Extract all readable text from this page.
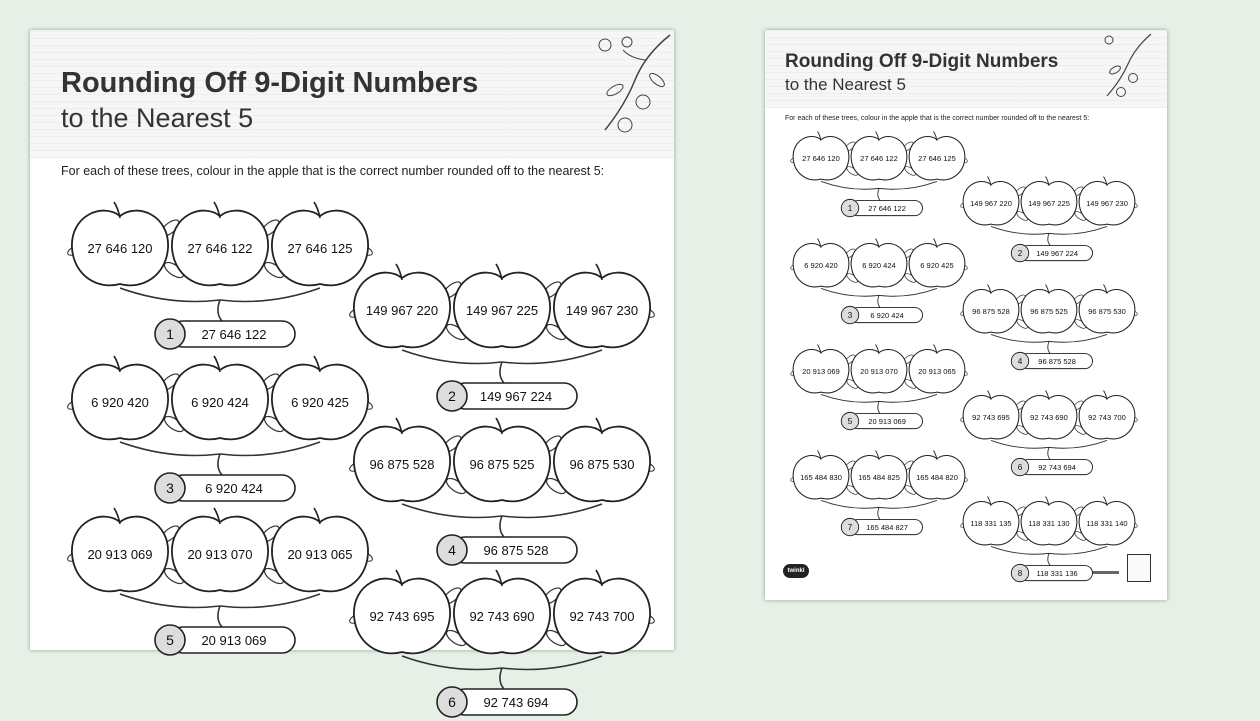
Rounding Off 9-Digit Numbers
to the Nearest 5
For each of these trees, colour in the apple that is the correct number rounded off to the nearest 5:
27 646 120	27 646 122	27 646 125
1 27 646 122
149 967 220 149 967 225 149 967 230
2 149 967 224
6 920 420	6 920 424	6 920 425
3 6 920 424
96 875 528	96 875 525	96 875 530
4 96 875 528
20 913 069	20 913 070	20 913 065
5 20 913 069
92 743 695	92 743 690	92 743 700
6 92 743 694
Rounding Off 9-Digit Numbers
to the Nearest 5
For each of these trees, colour in the apple that is the correct number rounded off to the nearest 5:
twinkl
27 646 120 27 646 122 27 646 125
1 27 646 122
149 967 220 149 967 225 149 967 230
2 149 967 224
6 920 420 6 920 424 6 920 425
3 6 920 424	96 875 528 96 875 525 96 875 530
4 96 875 528
20 913 069 20 913 070 20 913 065
5 20 913 069	92 743 695 92 743 690 92 743 700
6 92 743 694
165 484 830 165 484 825 165 484 820
7 165 484 827	118 331 135 118 331 130 118 331 140
8 118 331 136
